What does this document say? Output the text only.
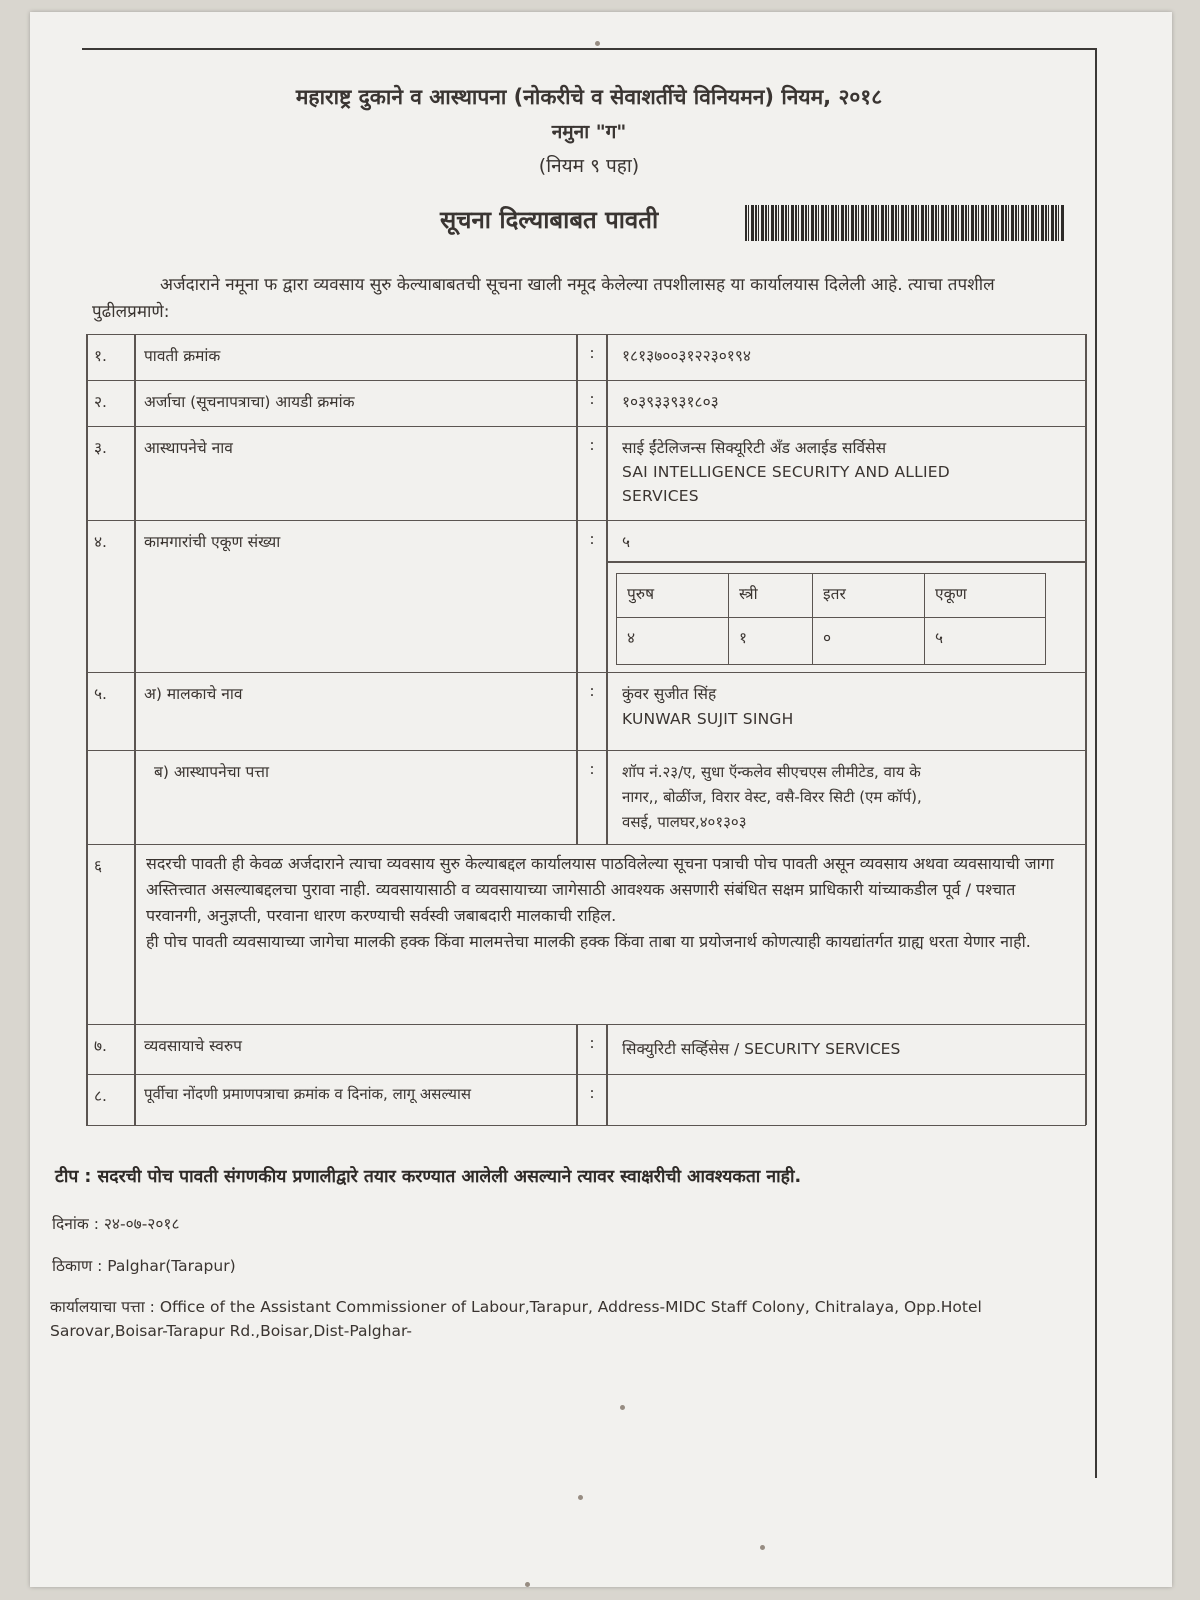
महाराष्ट्र दुकाने व आस्थापना (नोकरीचे व सेवाशर्तीचे विनियमन) नियम, २०१८
नमुना "ग"
(नियम ९ पहा)
सूचना दिल्याबाबत पावती
अर्जदाराने नमूना फ द्वारा व्यवसाय सुरु केल्याबाबतची सूचना खाली नमूद केलेल्या तपशीलासह या कार्यालयास दिलेली आहे. त्याचा तपशील पुढीलप्रमाणे:
१.	पावती क्रमांक	:	१८१३७००३१२२३०१९४
२.	अर्जाचा (सूचनापत्राचा) आयडी क्रमांक	:	१०३९३३९३१८०३
३.	आस्थापनेचे नाव	:	साई ईंटेलिजन्स सिक्यूरिटी अँड अलाईड सर्विसेस
SAI INTELLIGENCE SECURITY AND ALLIED
SERVICES
४.	कामगारांची एकूण संख्या	:	५
पुरुष	स्त्री	इतर	एकूण
४	१	०	५
५.	अ) मालकाचे नाव	:	कुंवर सुजीत सिंह
KUNWAR SUJIT SINGH
ब) आस्थापनेचा पत्ता	:	शॉप नं.२३/ए, सुधा ऍन्कलेव सीएचएस लीमीटेड, वाय के
नागर,, बोळींज, विरार वेस्ट, वसै-विरर सिटी (एम कॉर्प),
वसई, पालघर,४०१३०३
६	सदरची पावती ही केवळ अर्जदाराने त्याचा व्यवसाय सुरु केल्याबद्दल कार्यालयास पाठविलेल्या सूचना पत्राची पोच पावती असून व्यवसाय अथवा व्यवसायाची जागा अस्तित्त्वात असल्याबद्दलचा पुरावा नाही. व्यवसायासाठी व व्यवसायाच्या जागेसाठी आवश्यक असणारी संबंधित सक्षम प्राधिकारी यांच्याकडील पूर्व / पश्चात परवानगी, अनुज्ञप्ती, परवाना धारण करण्याची सर्वस्वी जबाबदारी मालकाची राहिल.
ही पोच पावती व्यवसायाच्या जागेचा मालकी हक्क किंवा मालमत्तेचा मालकी हक्क किंवा ताबा या प्रयोजनार्थ कोणत्याही कायद्यांतर्गत ग्राह्य धरता येणार नाही.
७.	व्यवसायाचे स्वरुप	:	सिक्युरिटी सर्व्हिसेस / SECURITY SERVICES
८.	पूर्वीचा नोंदणी प्रमाणपत्राचा क्रमांक व दिनांक, लागू असल्यास	:
टीप : सदरची पोच पावती संगणकीय प्रणालीद्वारे तयार करण्यात आलेली असल्याने त्यावर स्वाक्षरीची आवश्यकता नाही.
दिनांक : २४-०७-२०१८
ठिकाण : Palghar(Tarapur)
कार्यालयाचा पत्ता : Office of the Assistant Commissioner of Labour,Tarapur, Address-MIDC Staff Colony, Chitralaya, Opp.Hotel Sarovar,Boisar-Tarapur Rd.,Boisar,Dist-Palghar-
